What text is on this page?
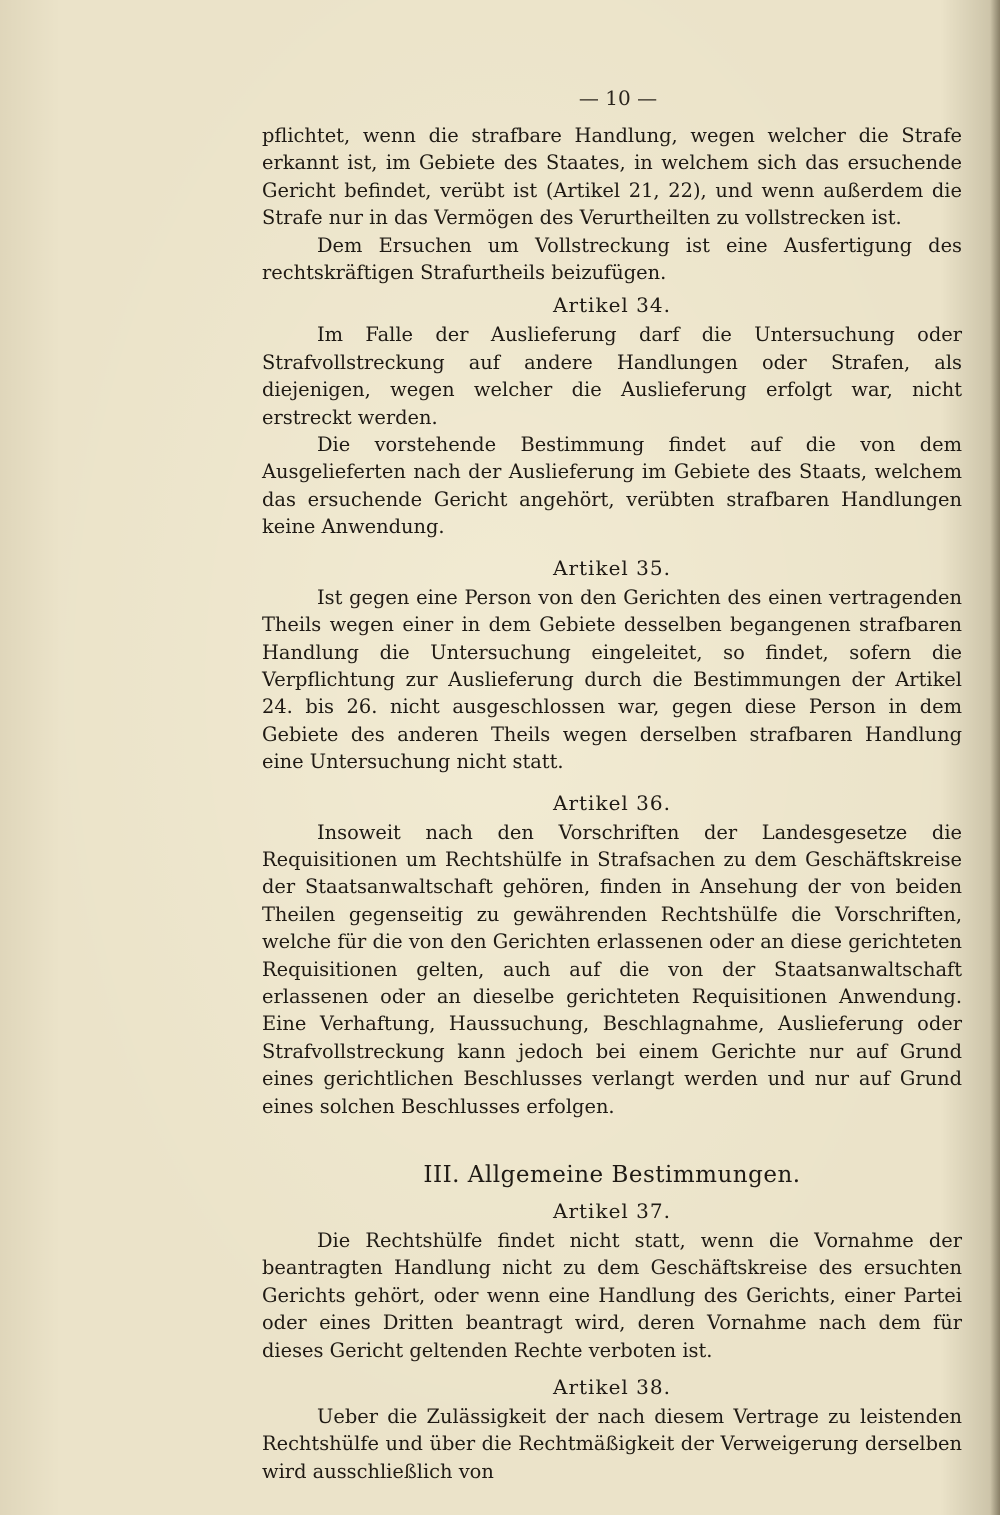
— 10 —

pflichtet, wenn die strafbare Handlung, wegen welcher die Strafe erkannt ist, im Gebiete des Staates, in welchem sich das ersuchende Gericht befindet, verübt ist (Artikel 21, 22), und wenn außerdem die Strafe nur in das Vermögen des Verurtheilten zu vollstrecken ist.

Dem Ersuchen um Vollstreckung ist eine Ausfertigung des rechtskräftigen Strafurtheils beizufügen.

Artikel 34.

Im Falle der Auslieferung darf die Untersuchung oder Strafvollstreckung auf andere Handlungen oder Strafen, als diejenigen, wegen welcher die Auslieferung erfolgt war, nicht erstreckt werden.

Die vorstehende Bestimmung findet auf die von dem Ausgelieferten nach der Auslieferung im Gebiete des Staats, welchem das ersuchende Gericht angehört, verübten strafbaren Handlungen keine Anwendung.

Artikel 35.

Ist gegen eine Person von den Gerichten des einen vertragenden Theils wegen einer in dem Gebiete desselben begangenen strafbaren Handlung die Untersuchung eingeleitet, so findet, sofern die Verpflichtung zur Auslieferung durch die Bestimmungen der Artikel 24. bis 26. nicht ausgeschlossen war, gegen diese Person in dem Gebiete des anderen Theils wegen derselben strafbaren Handlung eine Untersuchung nicht statt.

Artikel 36.

Insoweit nach den Vorschriften der Landesgesetze die Requisitionen um Rechtshülfe in Strafsachen zu dem Geschäftskreise der Staatsanwaltschaft gehören, finden in Ansehung der von beiden Theilen gegenseitig zu gewährenden Rechtshülfe die Vorschriften, welche für die von den Gerichten erlassenen oder an diese gerichteten Requisitionen gelten, auch auf die von der Staatsanwaltschaft erlassenen oder an dieselbe gerichteten Requisitionen Anwendung. Eine Verhaftung, Haussuchung, Beschlagnahme, Auslieferung oder Strafvollstreckung kann jedoch bei einem Gerichte nur auf Grund eines gerichtlichen Beschlusses verlangt werden und nur auf Grund eines solchen Beschlusses erfolgen.

III. Allgemeine Bestimmungen.
Artikel 37.

Die Rechtshülfe findet nicht statt, wenn die Vornahme der beantragten Handlung nicht zu dem Geschäftskreise des ersuchten Gerichts gehört, oder wenn eine Handlung des Gerichts, einer Partei oder eines Dritten beantragt wird, deren Vornahme nach dem für dieses Gericht geltenden Rechte verboten ist.

Artikel 38.

Ueber die Zulässigkeit der nach diesem Vertrage zu leistenden Rechtshülfe und über die Rechtmäßigkeit der Verweigerung derselben wird ausschließlich von
